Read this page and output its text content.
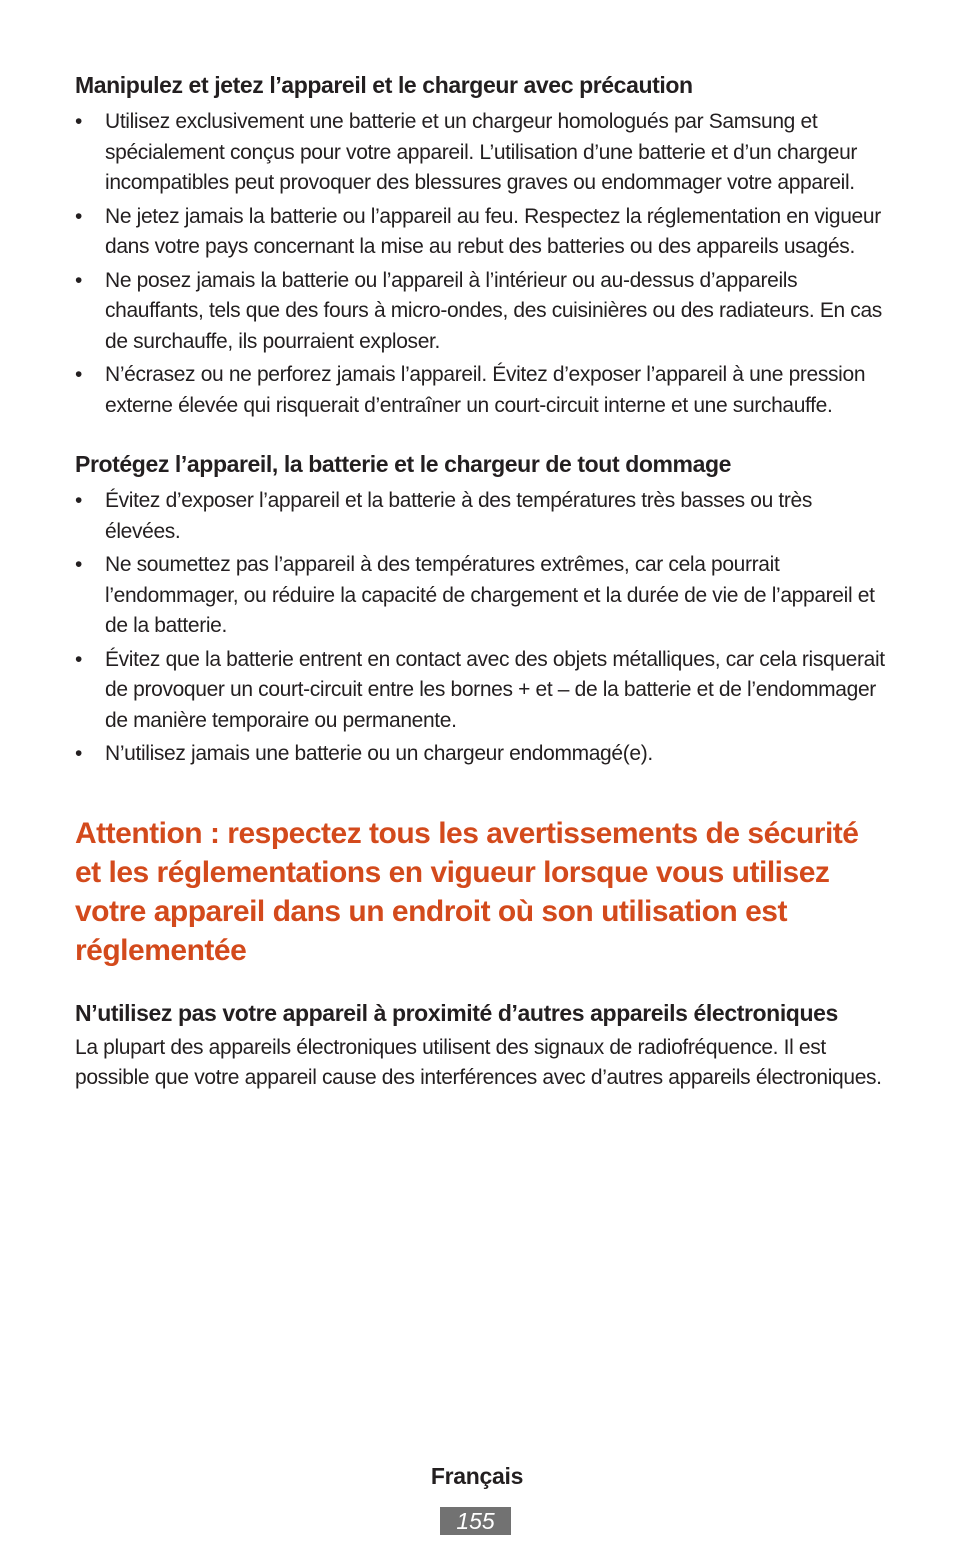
Manipulez et jetez l’appareil et le chargeur avec précaution
•	Utilisez exclusivement une batterie et un chargeur homologués par Samsung et spécialement conçus pour votre appareil. L’utilisation d’une batterie et d’un chargeur incompatibles peut provoquer des blessures graves ou endommager votre appareil.
•	Ne jetez jamais la batterie ou l’appareil au feu. Respectez la réglementation en vigueur dans votre pays concernant la mise au rebut des batteries ou des appareils usagés.
•	Ne posez jamais la batterie ou l’appareil à l’intérieur ou au-dessus d’appareils chauffants, tels que des fours à micro-ondes, des cuisinières ou des radiateurs. En cas de surchauffe, ils pourraient exploser.
•	N’écrasez ou ne perforez jamais l’appareil. Évitez d’exposer l’appareil à une pression externe élevée qui risquerait d’entraîner un court-circuit interne et une surchauffe.
Protégez l’appareil, la batterie et le chargeur de tout dommage
•	Évitez d’exposer l’appareil et la batterie à des températures très basses ou très élevées.
•	Ne soumettez pas l’appareil à des températures extrêmes, car cela pourrait l’endommager, ou réduire la capacité de chargement et la durée de vie de l’appareil et de la batterie.
•	Évitez que la batterie entrent en contact avec des objets métalliques, car cela risquerait de provoquer un court-circuit entre les bornes + et – de la batterie et de l’endommager de manière temporaire ou permanente.
•	N’utilisez jamais une batterie ou un chargeur endommagé(e).
Attention : respectez tous les avertissements de sécurité et les réglementations en vigueur lorsque vous utilisez votre appareil dans un endroit où son utilisation est réglementée
N’utilisez pas votre appareil à proximité d’autres appareils électroniques

La plupart des appareils électroniques utilisent des signaux de radiofréquence. Il est possible que votre appareil cause des interférences avec d’autres appareils électroniques.

Français
155
